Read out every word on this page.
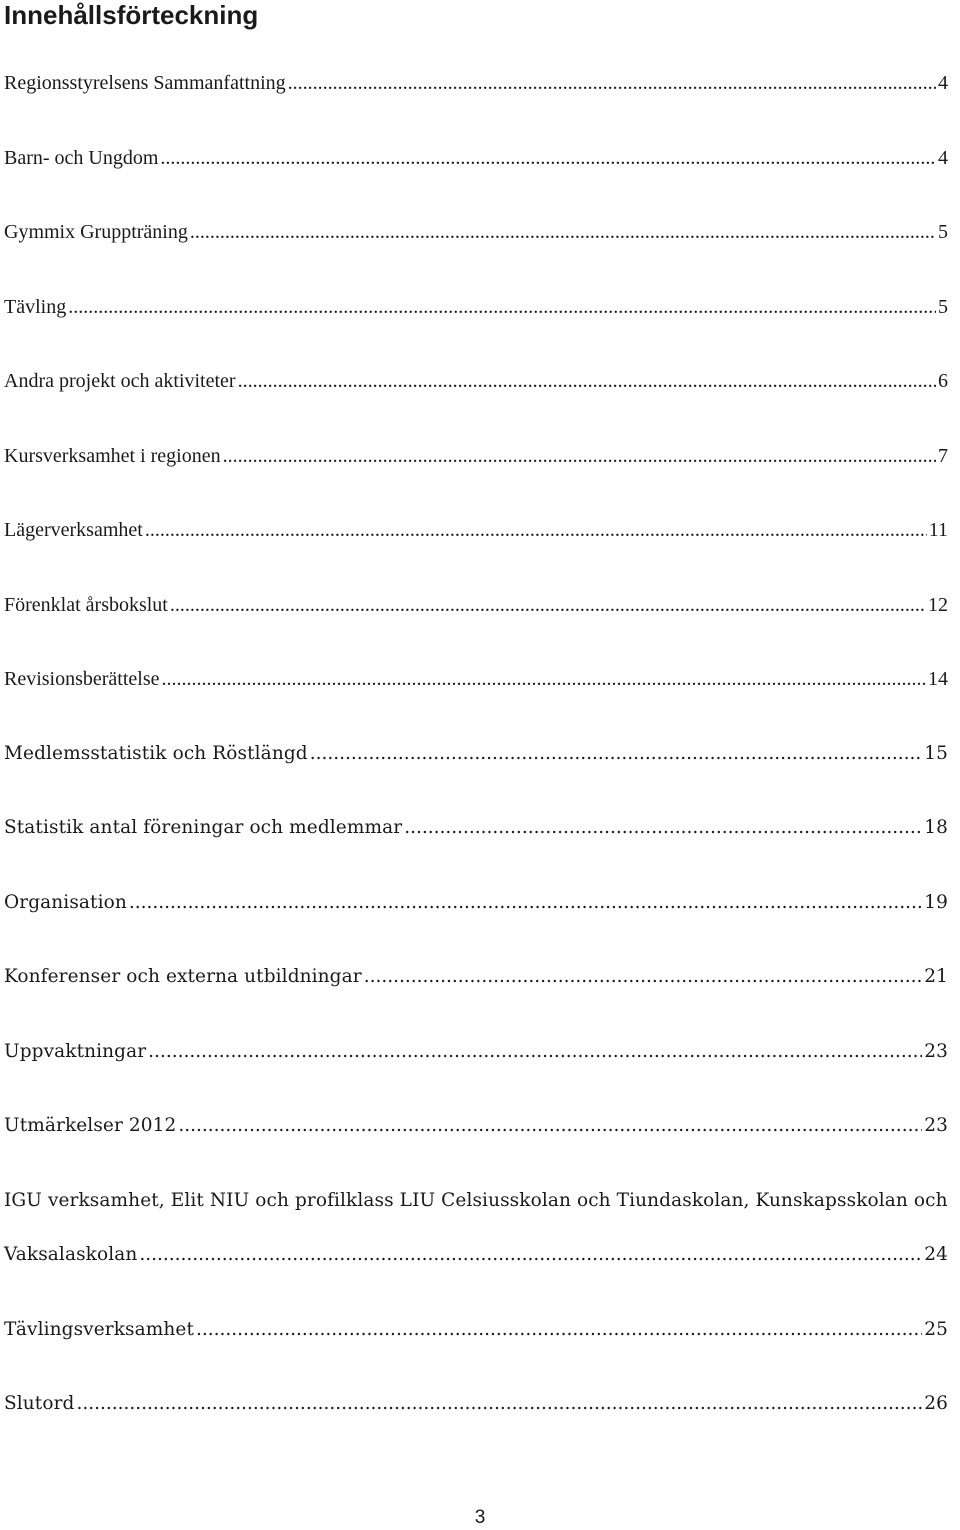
Innehållsförteckning
Regionsstyrelsens Sammanfattning .....	4
Barn- och Ungdom .....	4
Gymmix Gruppträning .....	5
Tävling .....	5
Andra projekt och aktiviteter .....	6
Kursverksamhet i regionen .....	7
Lägerverksamhet .....	11
Förenklat årsbokslut .....	12
Revisionsberättelse .....	14
Medlemsstatistik och Röstlängd .....	15
Statistik antal föreningar och medlemmar .....	18
Organisation .....	19
Konferenser och externa utbildningar .....	21
Uppvaktningar .....	23
Utmärkelser 2012 .....	23
IGU verksamhet, Elit NIU och profilklass LIU Celsiusskolan och Tiundaskolan, Kunskapsskolan och
Vaksalaskolan .....	24
Tävlingsverksamhet .....	25
Slutord .....	26
3
